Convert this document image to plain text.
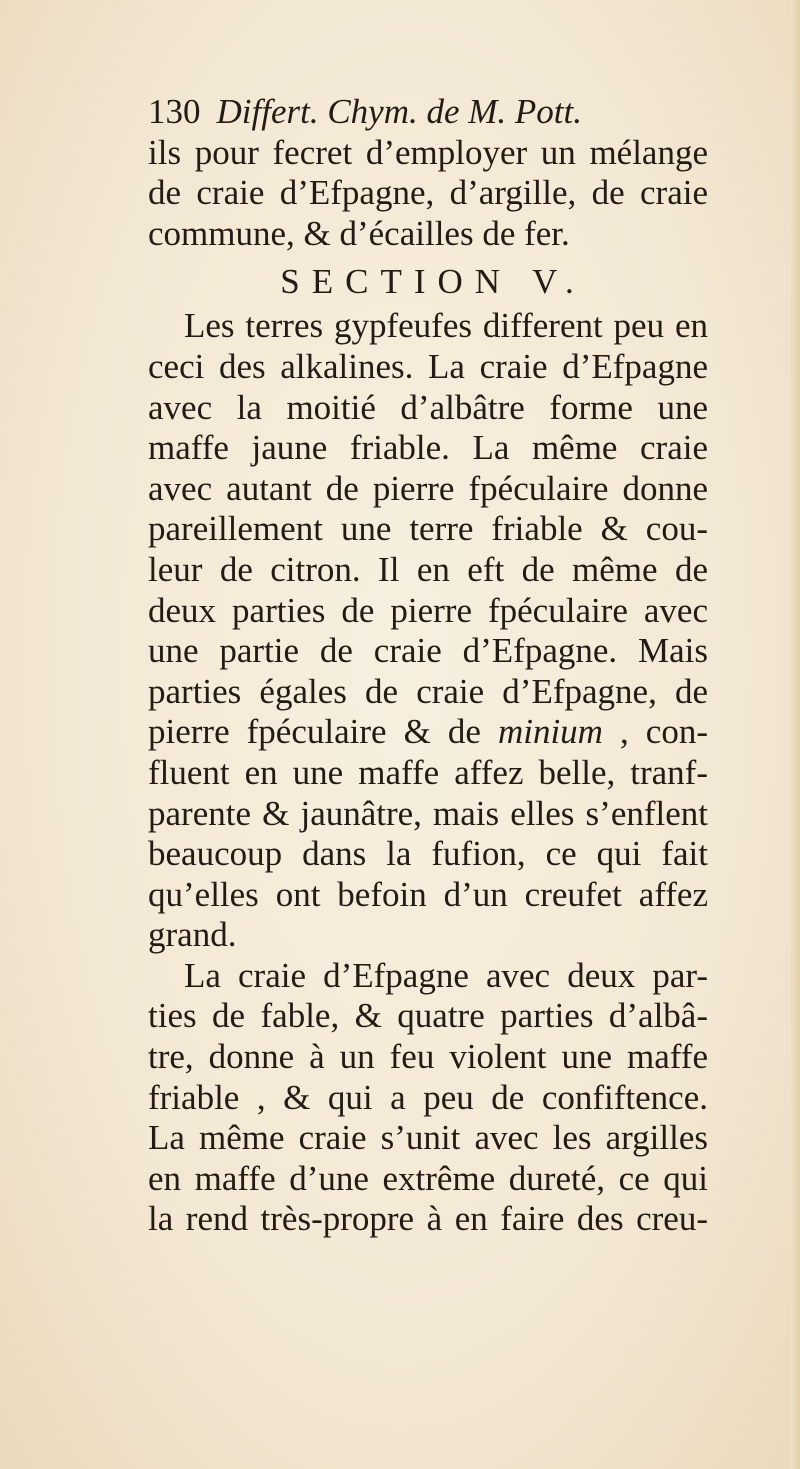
130 Differt. Chym. de M. Pott.
ils pour fecret d’employer un mélange
de craie d’Efpagne, d’argille, de craie
commune, & d’écailles de fer.
SECTION V.
Les terres gypfeufes different peu en
ceci des alkalines. La craie d’Efpagne
avec la moitié d’albâtre forme une
maffe jaune friable. La même craie
avec autant de pierre fpéculaire donne
pareillement une terre friable & cou-
leur de citron. Il en eft de même de
deux parties de pierre fpéculaire avec
une partie de craie d’Efpagne. Mais
parties égales de craie d’Efpagne, de
pierre fpéculaire & de minium , con-
fluent en une maffe affez belle, tranf-
parente & jaunâtre, mais elles s’enflent
beaucoup dans la fufion, ce qui fait
qu’elles ont befoin d’un creufet affez
grand.
La craie d’Efpagne avec deux par-
ties de fable, & quatre parties d’albâ-
tre, donne à un feu violent une maffe
friable , & qui a peu de confiftence.
La même craie s’unit avec les argilles
en maffe d’une extrême dureté, ce qui
la rend très-propre à en faire des creu-
